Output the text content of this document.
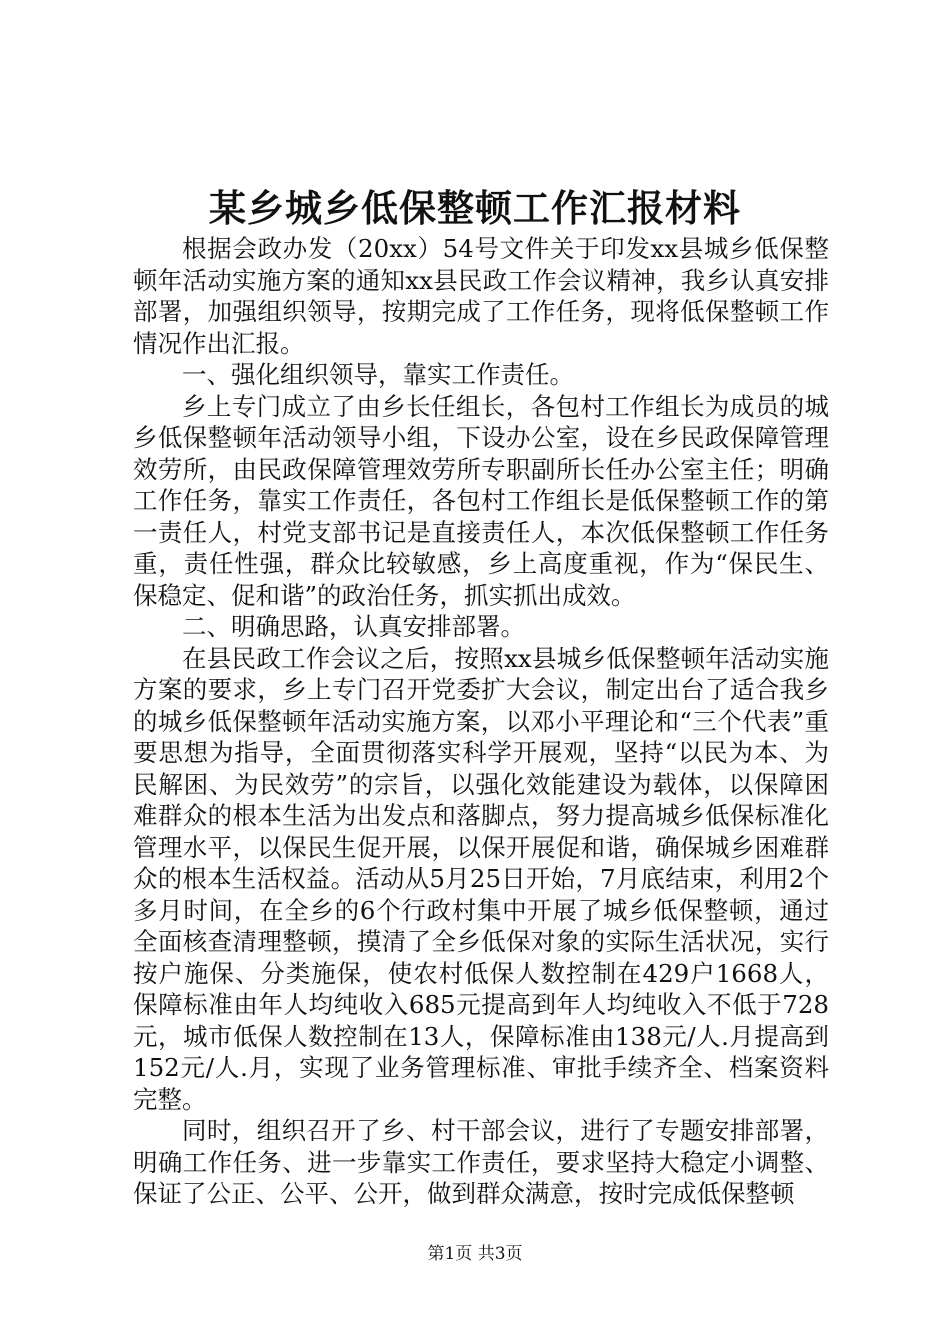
某乡城乡低保整顿工作汇报材料

根据会政办发（20xx）54号文件关于印发xx县城乡低保整顿年活动实施方案的通知xx县民政工作会议精神，我乡认真安排部署，加强组织领导，按期完成了工作任务，现将低保整顿工作情况作出汇报。

一、强化组织领导，靠实工作责任。

乡上专门成立了由乡长任组长，各包村工作组长为成员的城乡低保整顿年活动领导小组，下设办公室，设在乡民政保障管理效劳所，由民政保障管理效劳所专职副所长任办公室主任；明确工作任务，靠实工作责任，各包村工作组长是低保整顿工作的第一责任人，村党支部书记是直接责任人，本次低保整顿工作任务重，责任性强，群众比较敏感，乡上高度重视，作为“保民生、保稳定、促和谐”的政治任务，抓实抓出成效。

二、明确思路，认真安排部署。

在县民政工作会议之后，按照xx县城乡低保整顿年活动实施方案的要求，乡上专门召开党委扩大会议，制定出台了适合我乡的城乡低保整顿年活动实施方案，以邓小平理论和“三个代表”重要思想为指导，全面贯彻落实科学开展观，坚持“以民为本、为民解困、为民效劳”的宗旨，以强化效能建设为载体，以保障困难群众的根本生活为出发点和落脚点，努力提高城乡低保标准化管理水平，以保民生促开展，以保开展促和谐，确保城乡困难群众的根本生活权益。活动从5月25日开始，7月底结束，利用2个多月时间，在全乡的6个行政村集中开展了城乡低保整顿，通过全面核查清理整顿，摸清了全乡低保对象的实际生活状况，实行按户施保、分类施保，使农村低保人数控制在429户1668人，保障标准由年人均纯收入685元提高到年人均纯收入不低于728元，城市低保人数控制在13人，保障标准由138元/人.月提高到152元/人.月，实现了业务管理标准、审批手续齐全、档案资料完整。

同时，组织召开了乡、村干部会议，进行了专题安排部署，明确工作任务、进一步靠实工作责任，要求坚持大稳定小调整、保证了公正、公平、公开，做到群众满意，按时完成低保整顿

第1页 共3页
